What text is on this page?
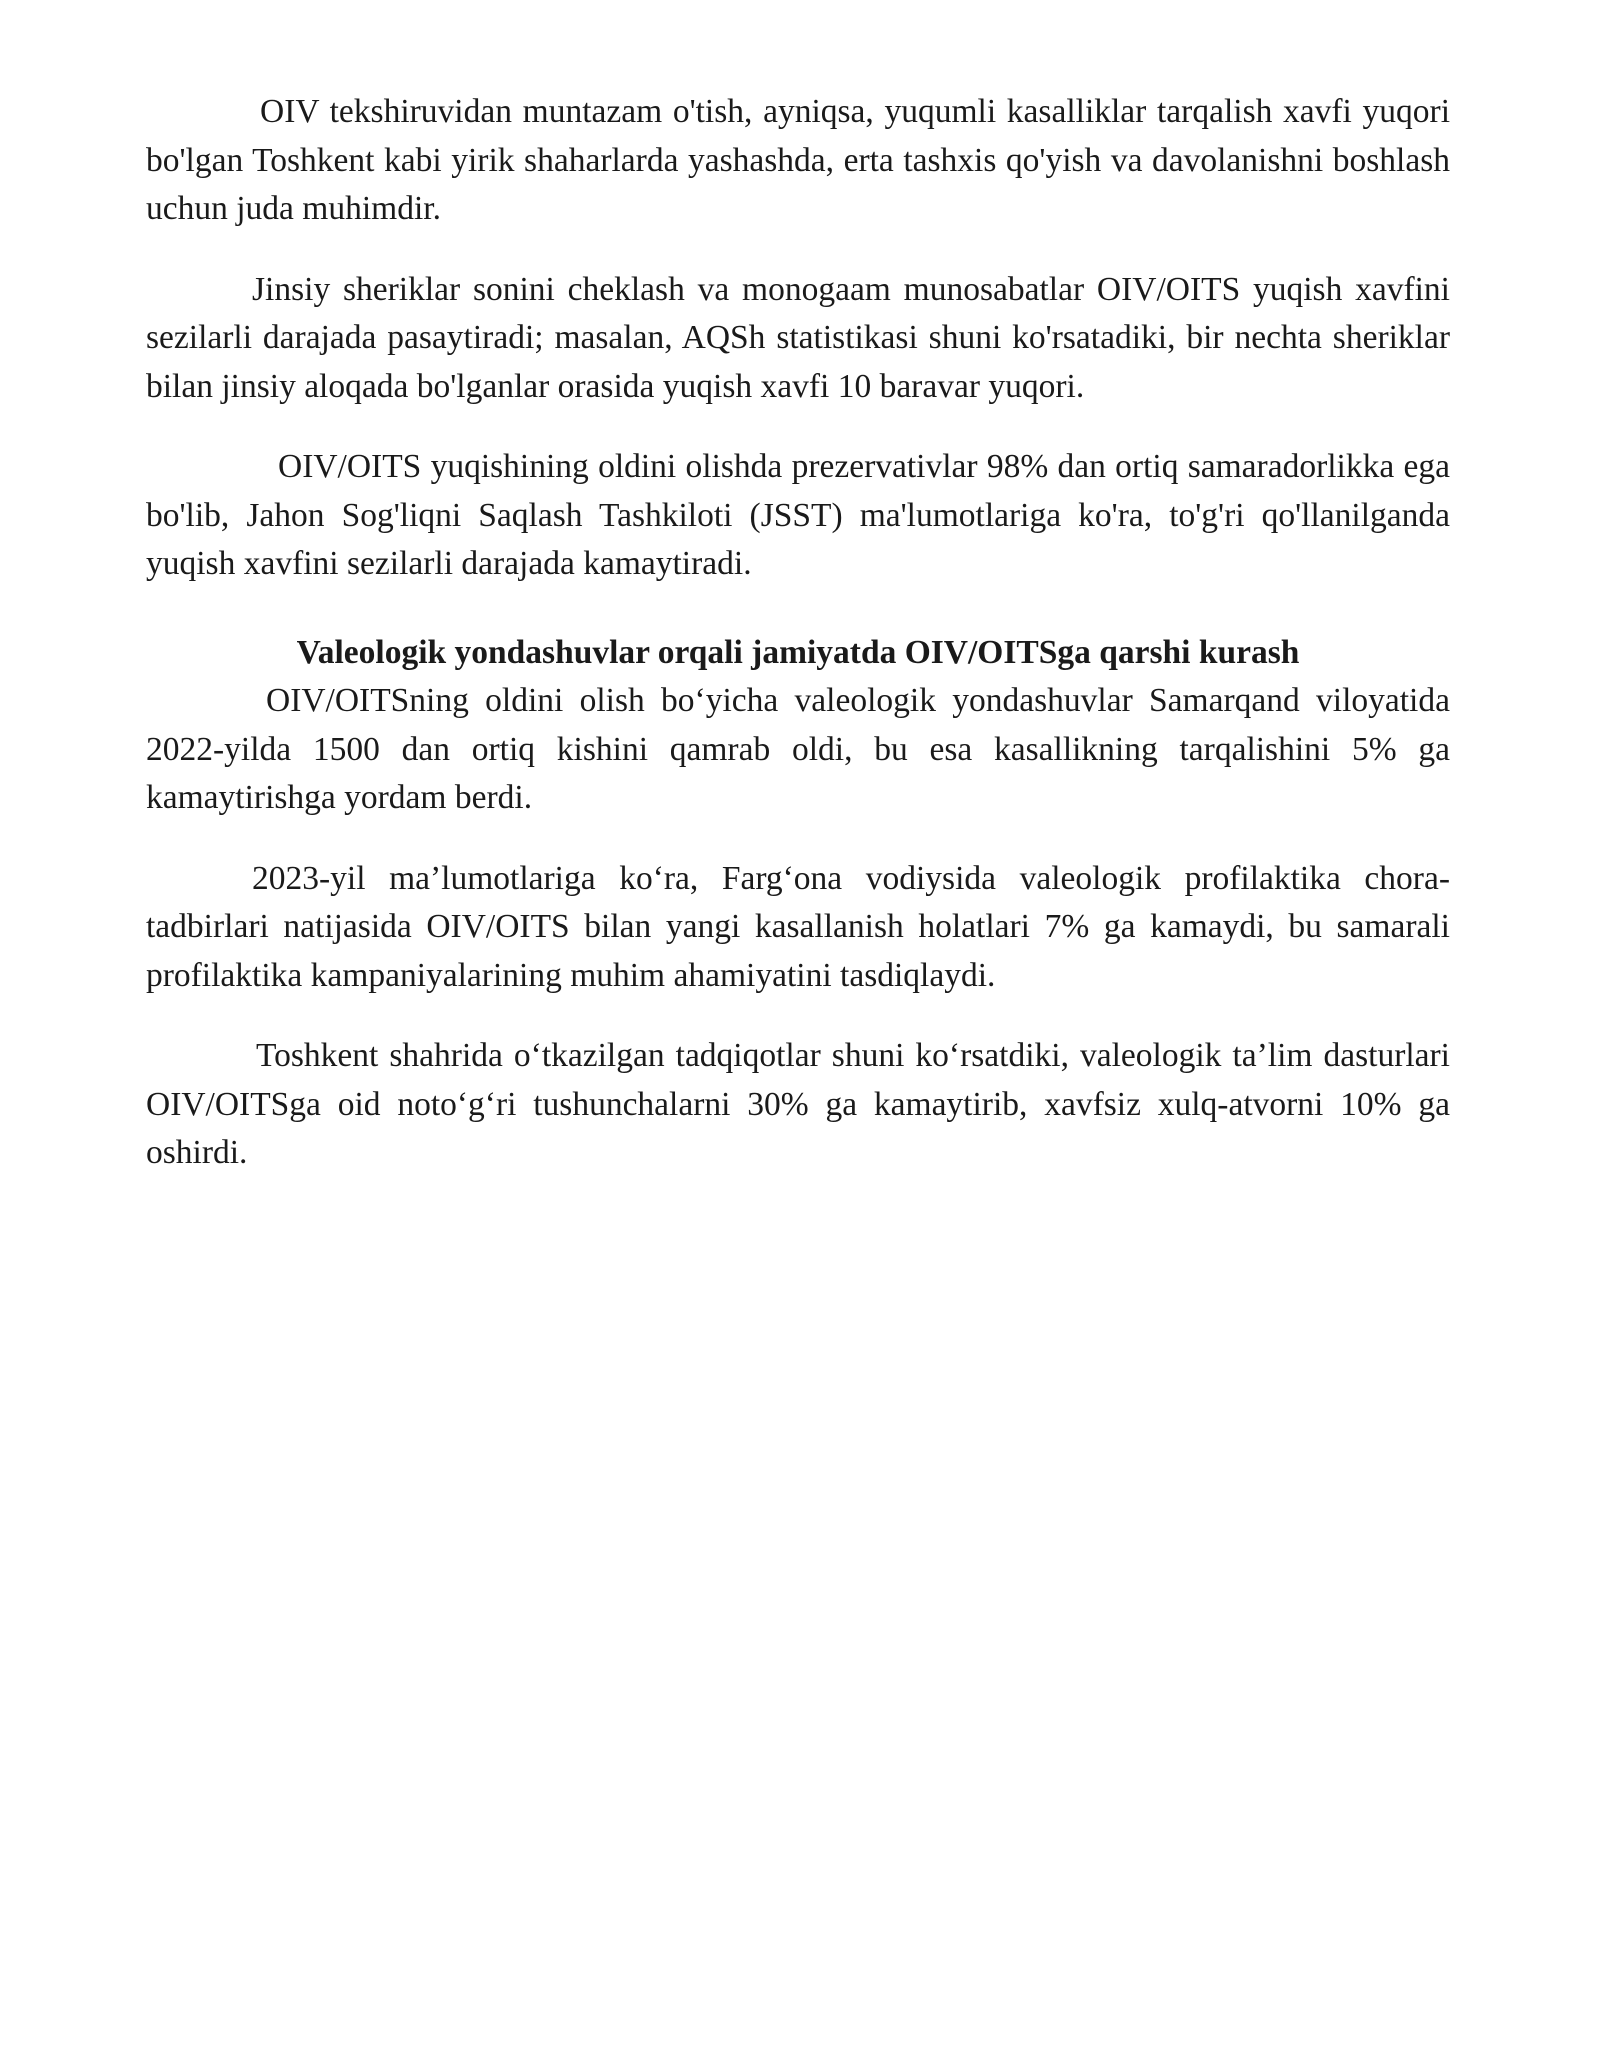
OIV tekshiruvidan muntazam o'tish, ayniqsa, yuqumli kasalliklar tarqalish xavfi yuqori bo'lgan Toshkent kabi yirik shaharlarda yashashda, erta tashxis qo'yish va davolanishni boshlash uchun juda muhimdir.

Jinsiy sheriklar sonini cheklash va monogaam munosabatlar OIV/OITS yuqish xavfini sezilarli darajada pasaytiradi; masalan, AQSh statistikasi shuni ko'rsatadiki, bir nechta sheriklar bilan jinsiy aloqada bo'lganlar orasida yuqish xavfi 10 baravar yuqori.

OIV/OITS yuqishining oldini olishda prezervativlar 98% dan ortiq samaradorlikka ega bo'lib, Jahon Sog'liqni Saqlash Tashkiloti (JSST) ma'lumotlariga ko'ra, to'g'ri qo'llanilganda yuqish xavfini sezilarli darajada kamaytiradi.

Valeologik yondashuvlar orqali jamiyatda OIV/OITSga qarshi kurash

OIV/OITSning oldini olish bo‘yicha valeologik yondashuvlar Samarqand viloyatida 2022-yilda 1500 dan ortiq kishini qamrab oldi, bu esa kasallikning tarqalishini 5% ga kamaytirishga yordam berdi.

2023-yil ma’lumotlariga ko‘ra, Farg‘ona vodiysida valeologik profilaktika chora-tadbirlari natijasida OIV/OITS bilan yangi kasallanish holatlari 7% ga kamaydi, bu samarali profilaktika kampaniyalarining muhim ahamiyatini tasdiqlaydi.

Toshkent shahrida o‘tkazilgan tadqiqotlar shuni ko‘rsatdiki, valeologik ta’lim dasturlari OIV/OITSga oid noto‘g‘ri tushunchalarni 30% ga kamaytirib, xavfsiz xulq-atvorni 10% ga oshirdi.
